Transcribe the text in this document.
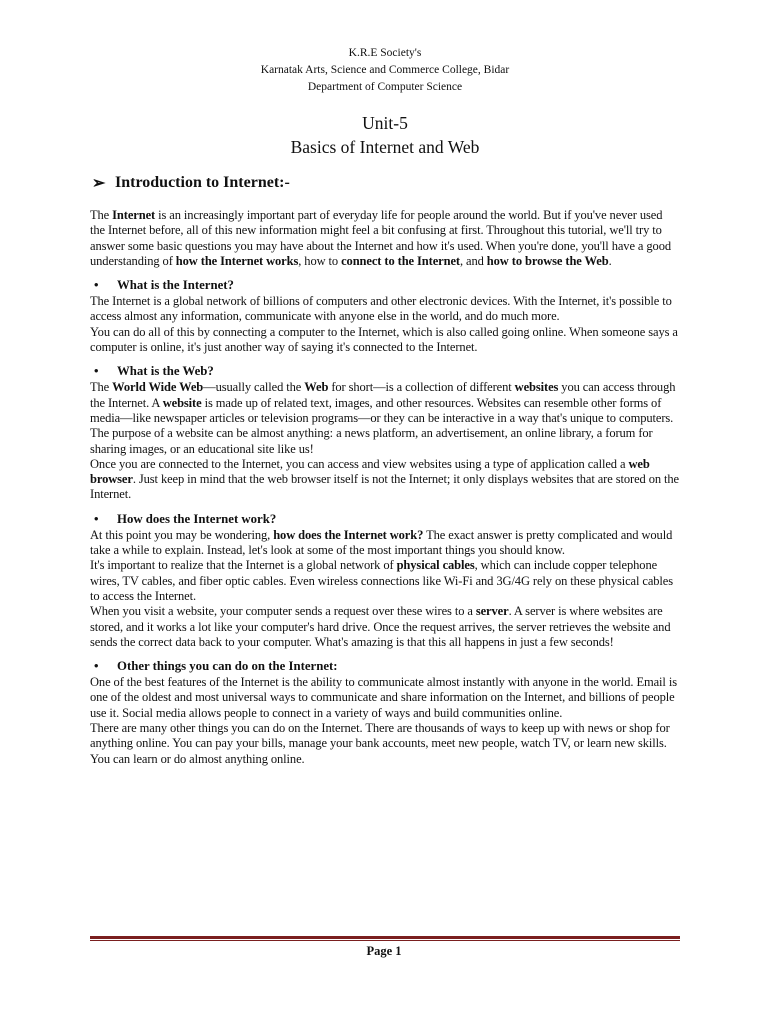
K.R.E Society's
Karnatak Arts, Science and Commerce College, Bidar
Department of Computer Science
Unit-5
Basics of Internet and Web
➢ Introduction to Internet:-

The Internet is an increasingly important part of everyday life for people around the world. But if you've never used the Internet before, all of this new information might feel a bit confusing at first. Throughout this tutorial, we'll try to answer some basic questions you may have about the Internet and how it's used. When you're done, you'll have a good understanding of how the Internet works, how to connect to the Internet, and how to browse the Web.

•	What is the Internet?

The Internet is a global network of billions of computers and other electronic devices. With the Internet, it's possible to access almost any information, communicate with anyone else in the world, and do much more.

You can do all of this by connecting a computer to the Internet, which is also called going online. When someone says a computer is online, it's just another way of saying it's connected to the Internet.

•	What is the Web?

The World Wide Web—usually called the Web for short—is a collection of different websites you can access through the Internet. A website is made up of related text, images, and other resources. Websites can resemble other forms of media—like newspaper articles or television programs—or they can be interactive in a way that's unique to computers.

The purpose of a website can be almost anything: a news platform, an advertisement, an online library, a forum for sharing images, or an educational site like us!

Once you are connected to the Internet, you can access and view websites using a type of application called a web browser. Just keep in mind that the web browser itself is not the Internet; it only displays websites that are stored on the Internet.

•	How does the Internet work?

At this point you may be wondering, how does the Internet work? The exact answer is pretty complicated and would take a while to explain. Instead, let's look at some of the most important things you should know.

It's important to realize that the Internet is a global network of physical cables, which can include copper telephone wires, TV cables, and fiber optic cables. Even wireless connections like Wi-Fi and 3G/4G rely on these physical cables to access the Internet.

When you visit a website, your computer sends a request over these wires to a server. A server is where websites are stored, and it works a lot like your computer's hard drive. Once the request arrives, the server retrieves the website and sends the correct data back to your computer. What's amazing is that this all happens in just a few seconds!

•	Other things you can do on the Internet:

One of the best features of the Internet is the ability to communicate almost instantly with anyone in the world. Email is one of the oldest and most universal ways to communicate and share information on the Internet, and billions of people use it. Social media allows people to connect in a variety of ways and build communities online.

There are many other things you can do on the Internet. There are thousands of ways to keep up with news or shop for anything online. You can pay your bills, manage your bank accounts, meet new people, watch TV, or learn new skills. You can learn or do almost anything online.

Page 1
